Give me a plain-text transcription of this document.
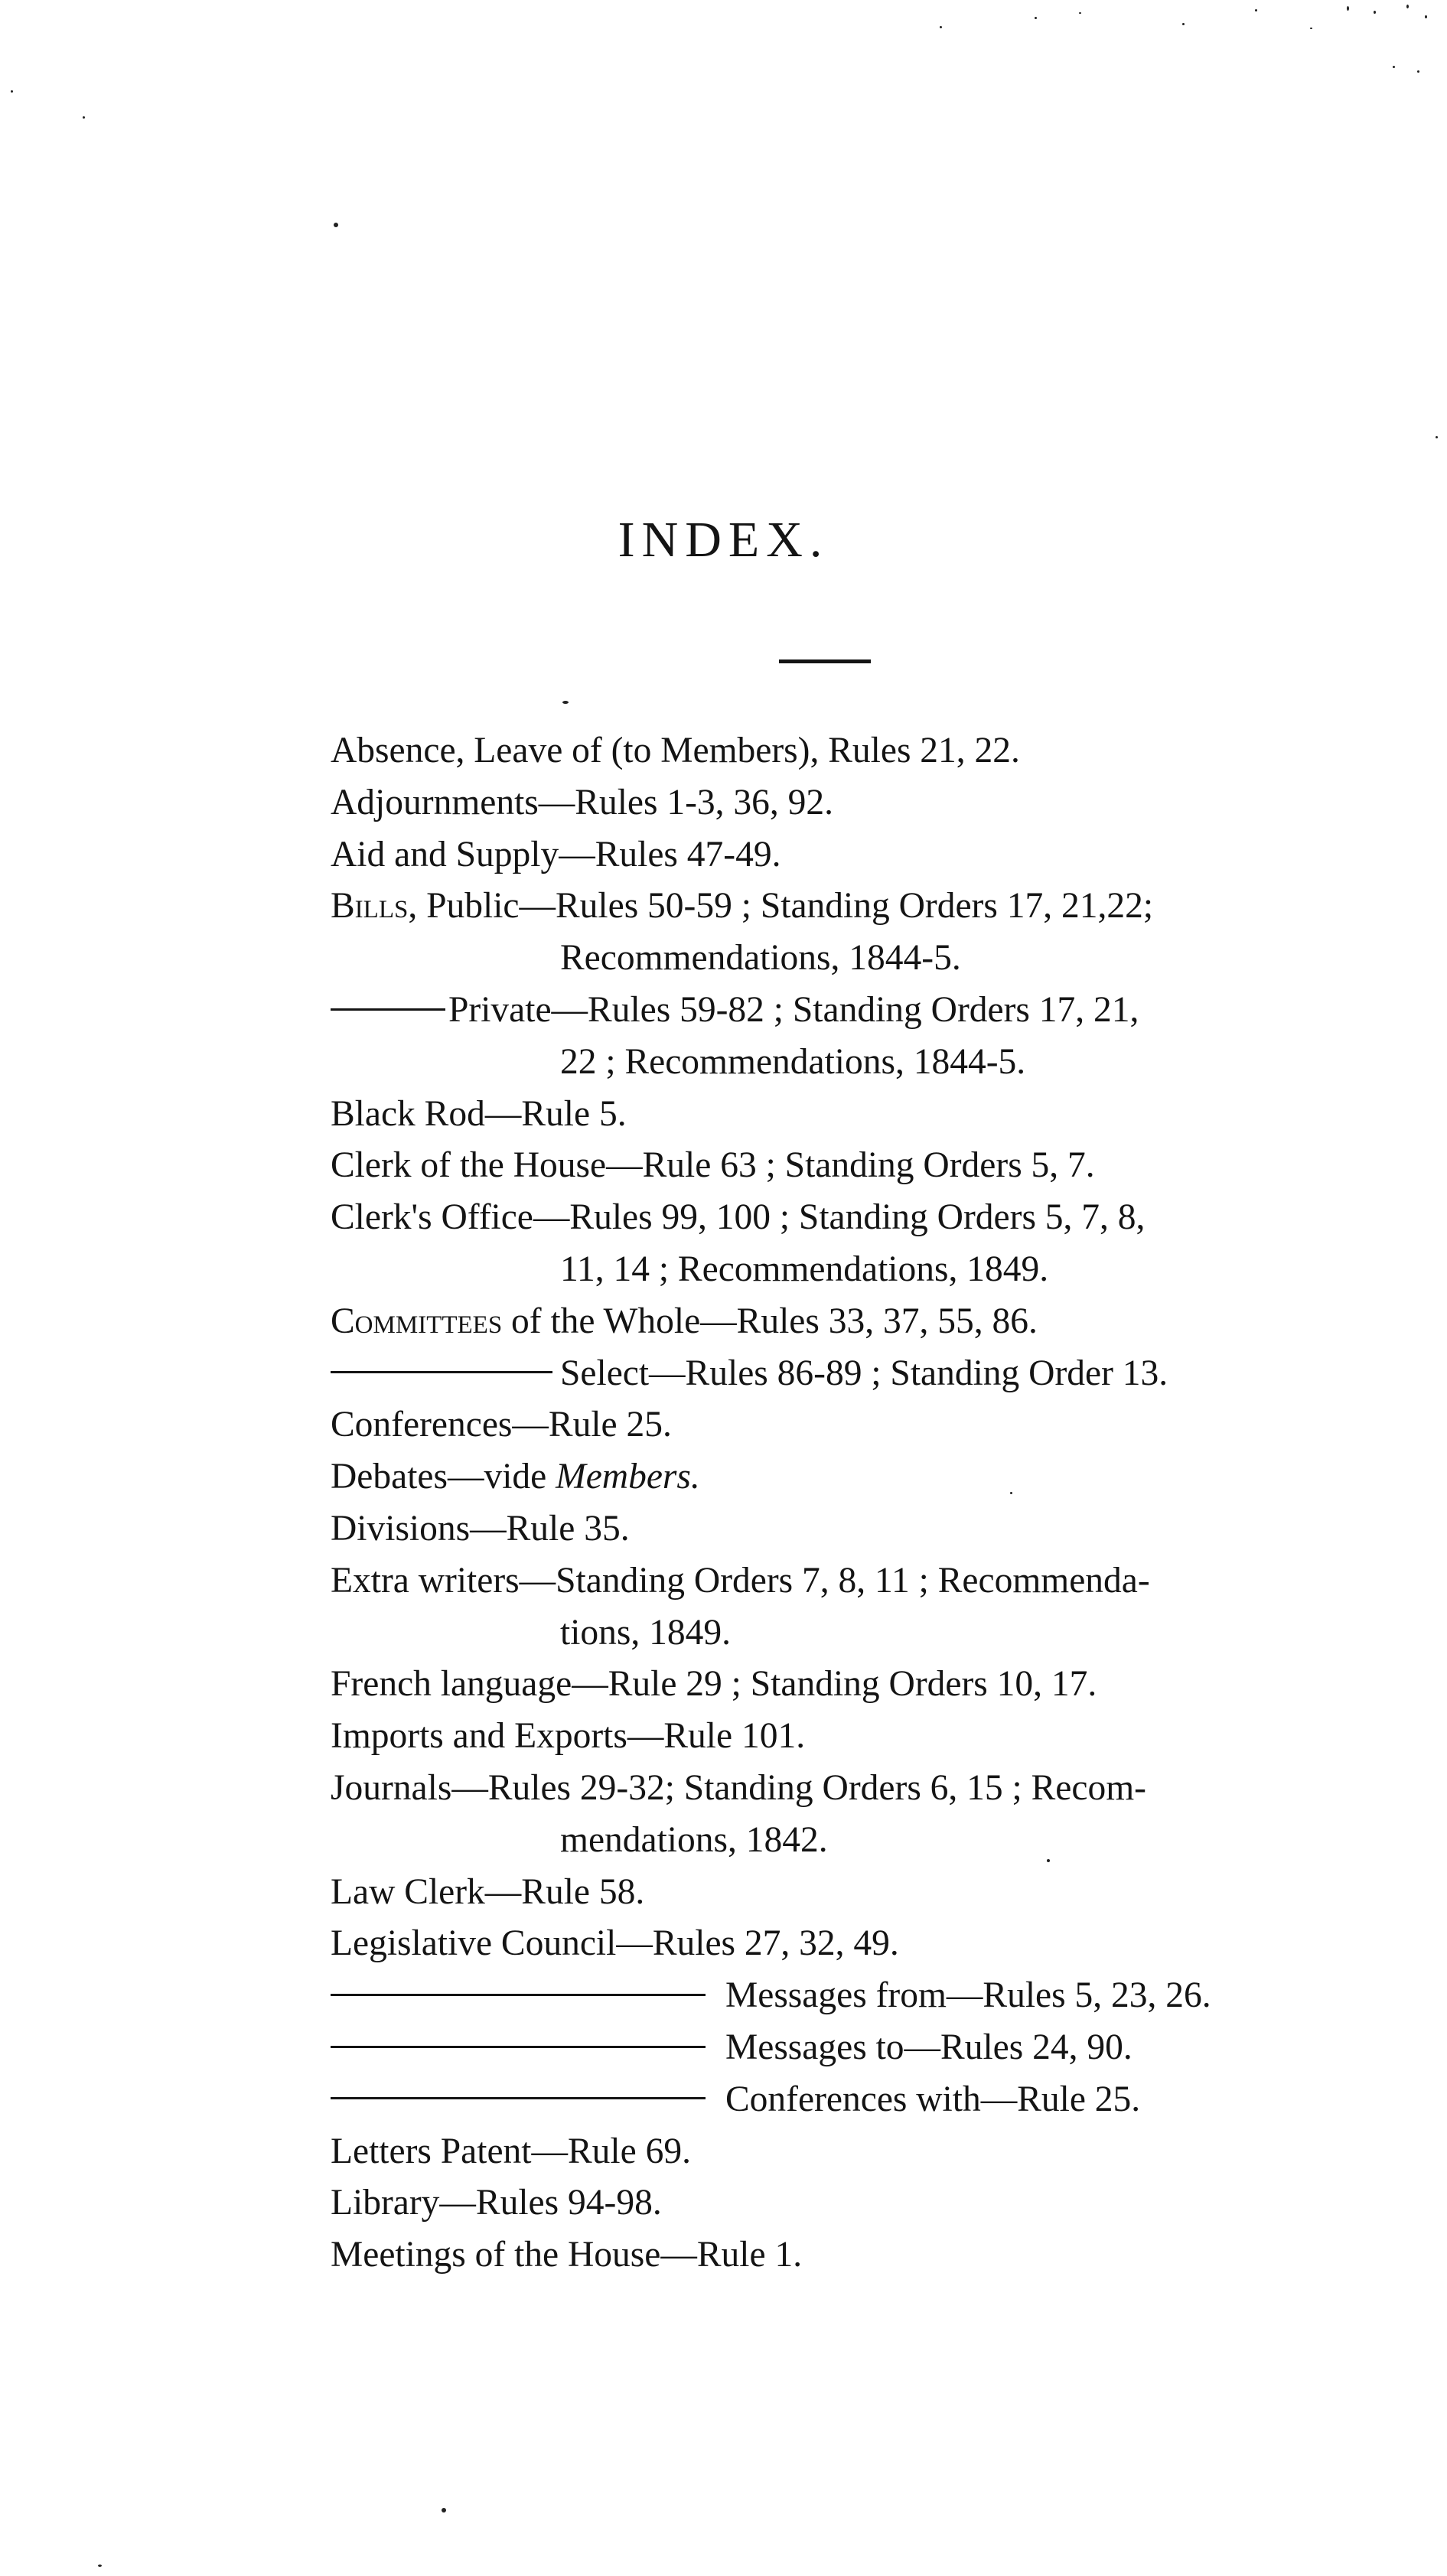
INDEX.
Absence, Leave of (to Members), Rules 21, 22.
Adjournments—Rules 1-3, 36, 92.
Aid and Supply—Rules 47-49.
Bills, Public—Rules 50-59 ; Standing Orders 17, 21,22;
Recommendations, 1844-5.
Private—Rules 59-82 ; Standing Orders 17, 21,
22 ; Recommendations, 1844-5.
Black Rod—Rule 5.
Clerk of the House—Rule 63 ; Standing Orders 5, 7.
Clerk's Office—Rules 99, 100 ; Standing Orders 5, 7, 8,
11, 14 ; Recommendations, 1849.
Committees of the Whole—Rules 33, 37, 55, 86.
Select—Rules 86-89 ; Standing Order 13.
Conferences—Rule 25.
Debates—vide Members.
Divisions—Rule 35.
Extra writers—Standing Orders 7, 8, 11 ; Recommenda-
tions, 1849.
French language—Rule 29 ; Standing Orders 10, 17.
Imports and Exports—Rule 101.
Journals—Rules 29-32; Standing Orders 6, 15 ; Recom-
mendations, 1842.
Law Clerk—Rule 58.
Legislative Council—Rules 27, 32, 49.
Messages from—Rules 5, 23, 26.
Messages to—Rules 24, 90.
Conferences with—Rule 25.
Letters Patent—Rule 69.
Library—Rules 94-98.
Meetings of the House—Rule 1.
